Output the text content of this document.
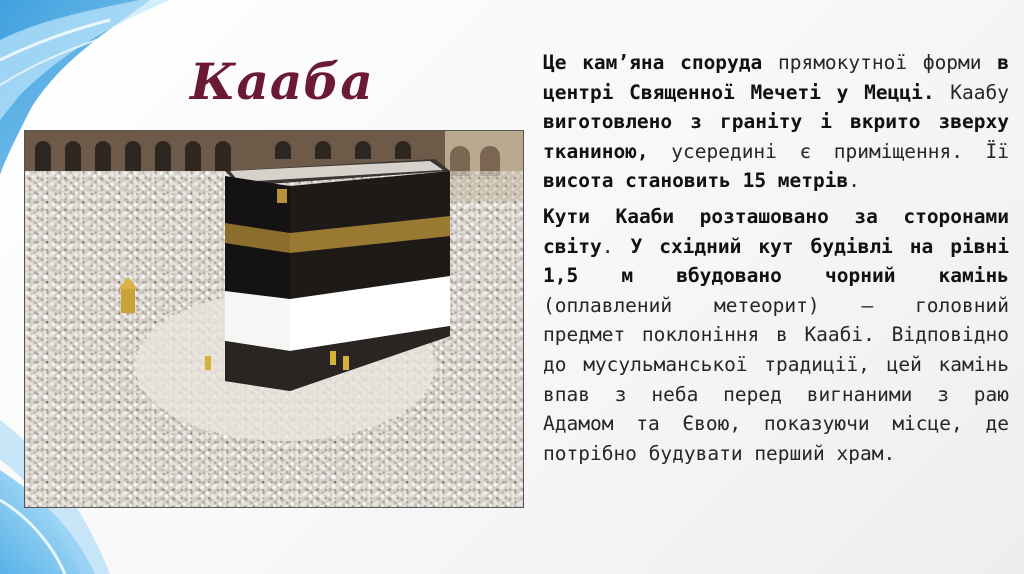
Кааба	Це кам’яна споруда прямокутної форми в центрі Священної Мечеті у Мецці. Каабу виготовлено з граніту і вкрито зверху тканиною, усередині є приміщення. Її висота становить 15 метрів.

Кути Кааби розташовано за сторонами світу. У східний кут будівлі на рівні 1,5 м вбудовано чорний камінь (оплавлений метеорит) – головний предмет поклоніння в Каабі. Відповідно до мусульманської традиції, цей камінь впав з неба перед вигнаними з раю Адамом та Євою, показуючи місце, де потрібно будувати перший храм.
